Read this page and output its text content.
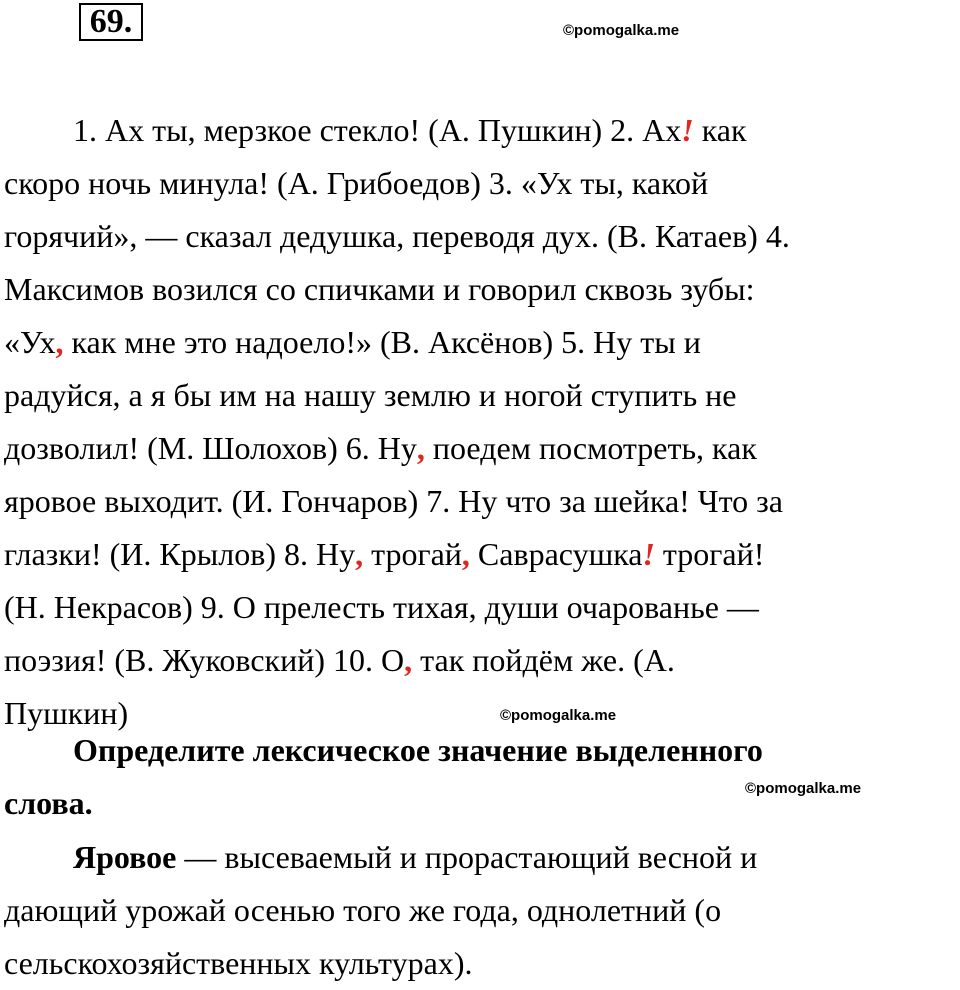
69.	©pomogalka.me
1. Ах ты, мерзкое стекло! (А. Пушкин) 2. Ах! как
скоро ночь минула! (А. Грибоедов) 3. «Ух ты, какой
горячий», — сказал дедушка, переводя дух. (В. Катаев) 4.
Максимов возился со спичками и говорил сквозь зубы:
«Ух, как мне это надоело!» (В. Аксёнов) 5. Ну ты и
радуйся, а я бы им на нашу землю и ногой ступить не
дозволил! (М. Шолохов) 6. Ну, поедем посмотреть, как
яровое выходит. (И. Гончаров) 7. Ну что за шейка! Что за
глазки! (И. Крылов) 8. Ну, трогай, Саврасушка! трогай!
(Н. Некрасов) 9. О прелесть тихая, души очарованье —
поэзия! (В. Жуковский) 10. О, так пойдём же. (А.
Пушкин)	©pomogalka.me
Определите лексическое значение выделенного
слова.	©pomogalka.me
Яровое — высеваемый и прорастающий весной и
дающий урожай осенью того же года, однолетний (о
сельскохозяйственных культурах).
